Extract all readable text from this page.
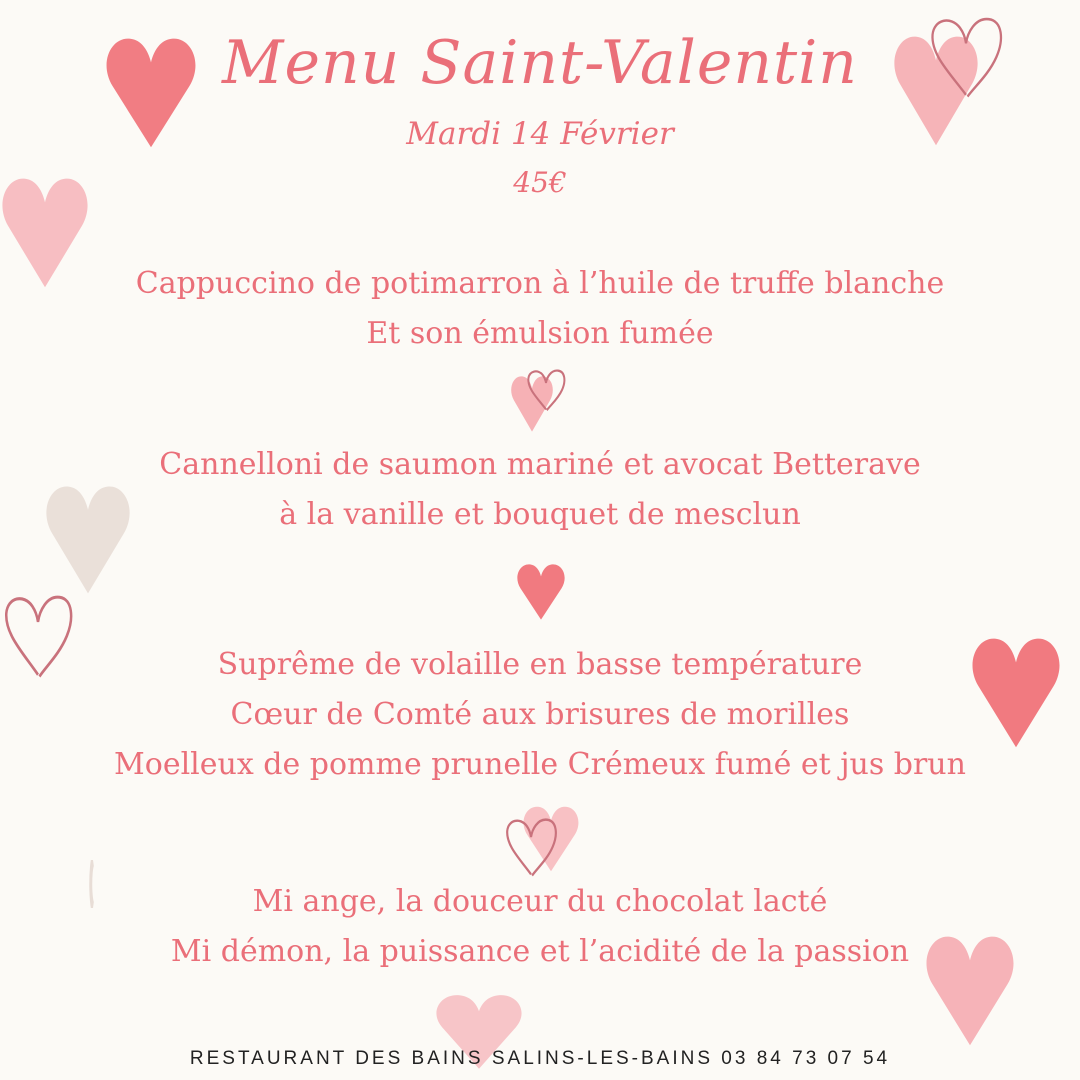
Menu Saint-Valentin
Mardi 14 Février
45€

Cappuccino de potimarron à l’huile de truffe blanche

Et son émulsion fumée

Cannelloni de saumon mariné et avocat Betterave

à la vanille et bouquet de mesclun

Suprême de volaille en basse température

Cœur de Comté aux brisures de morilles

Moelleux de pomme prunelle Crémeux fumé et jus brun

Mi ange, la douceur du chocolat lacté

Mi démon, la puissance et l’acidité de la passion

RESTAURANT DES BAINS SALINS-LES-BAINS 03 84 73 07 54
